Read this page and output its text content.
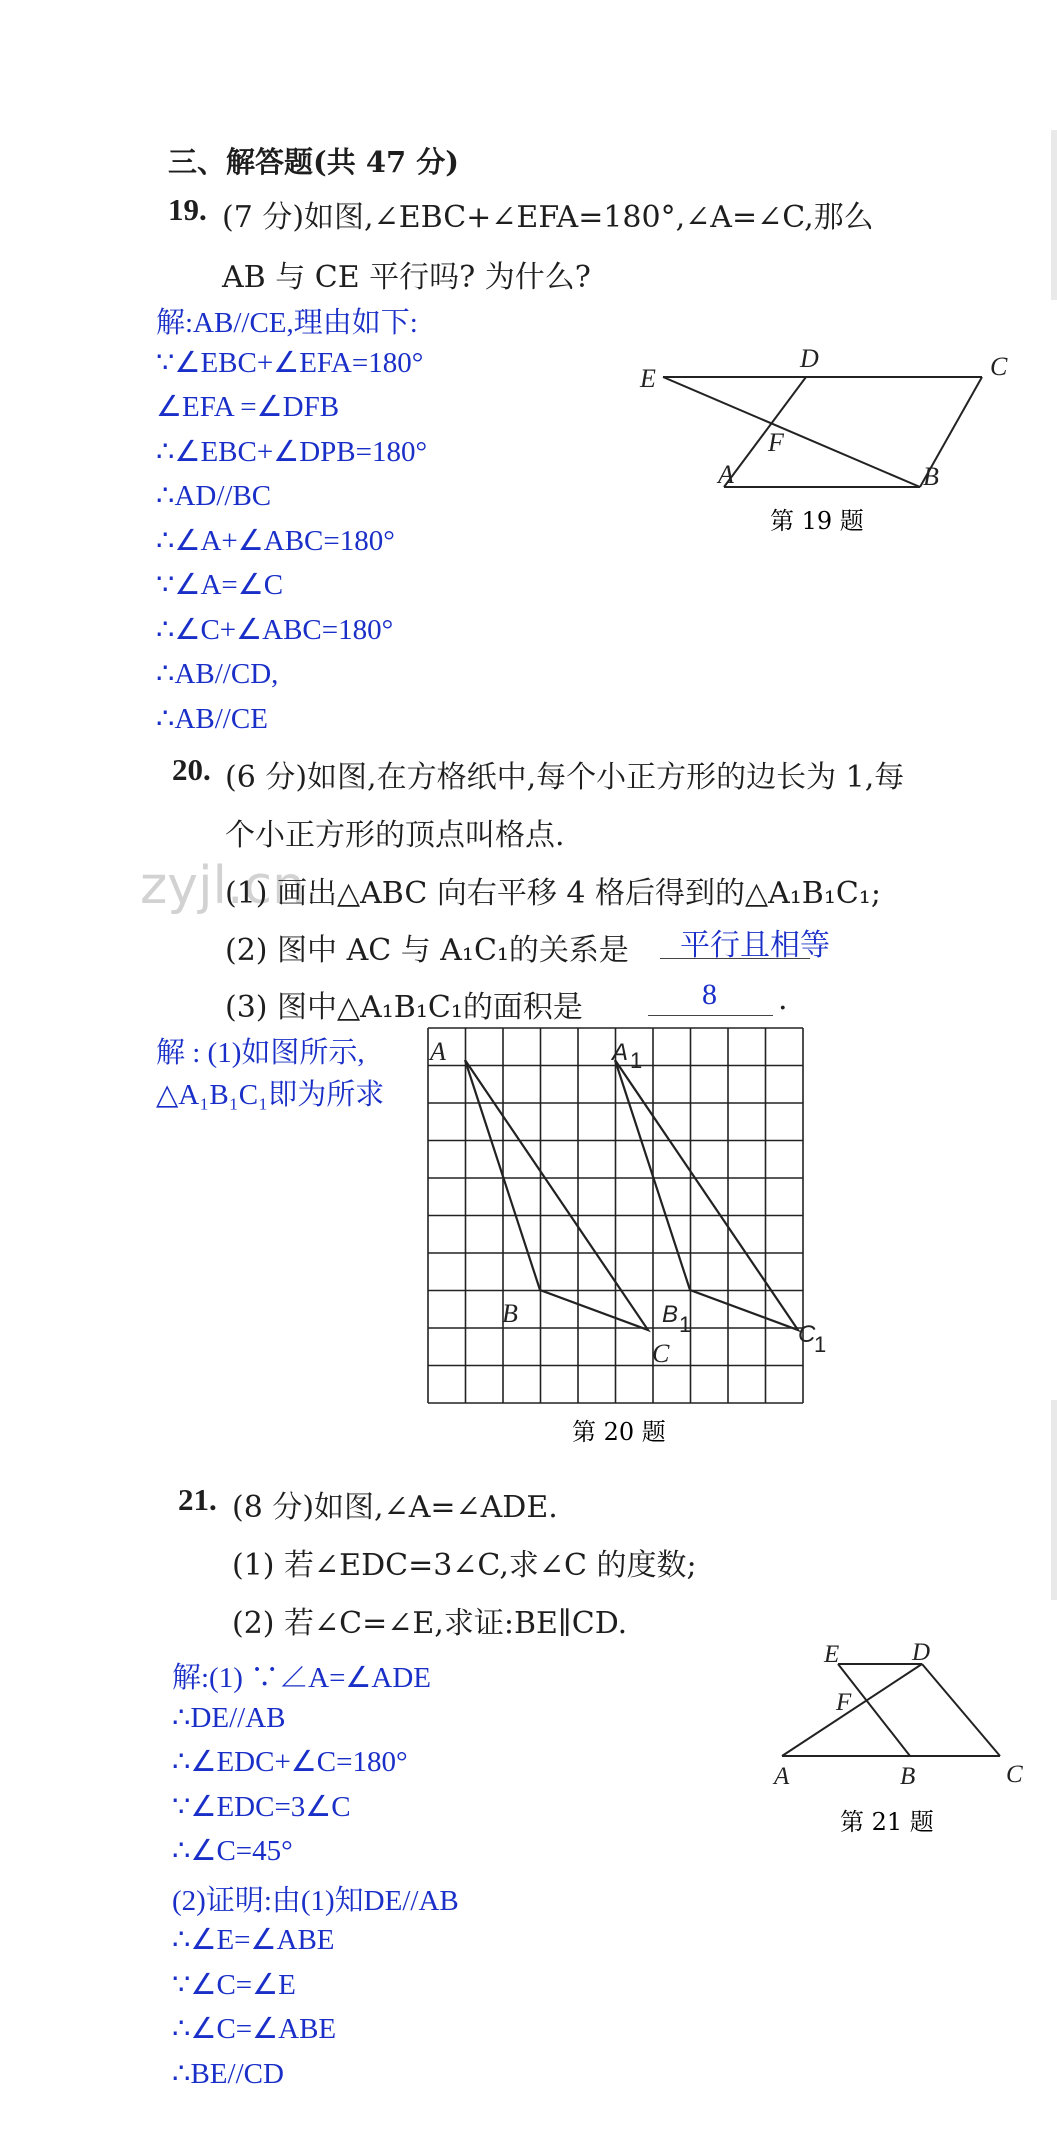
三、解答题(共 47 分)
19. (7 分)如图,∠EBC+∠EFA=180°,∠A=∠C,那么
AB 与 CE 平行吗? 为什么?
解:AB//CE,理由如下:
∵∠EBC+∠EFA=180°
∠EFA =∠DFB
∴∠EBC+∠DPB=180°
∴AD//BC
∴∠A+∠ABC=180°
∵∠A=∠C
∴∠C+∠ABC=180°
∴AB//CD,
∴AB//CE
E
D	C
F
A	B
第 19 题
20. (6 分)如图,在方格纸中,每个小正方形的边长为 1,每
个小正方形的顶点叫格点.
zyjl.cn
(1) 画出△ABC 向右平移 4 格后得到的△A₁B₁C₁;
(2) 图中 AC 与 A₁C₁的关系是 平行且相等
(3) 图中△A₁B₁C₁的面积是	8 .
解 : (1)如图所示,
△A₁B₁C₁即为所求
A
B
C
A 1
B 1	C
1
第 20 题
21. (8 分)如图,∠A=∠ADE.
(1) 若∠EDC=3∠C,求∠C 的度数;
(2) 若∠C=∠E,求证:BE∥CD.
解:(1) ∵∠A=∠ADE
∴DE//AB
∴∠EDC+∠C=180°
∵∠EDC=3∠C
∴∠C=45°
(2)证明:由(1)知DE//AB
∴∠E=∠ABE
∵∠C=∠E
∴∠C=∠ABE
∴BE//CD
E	D
F
A	B	C
第 21 题
